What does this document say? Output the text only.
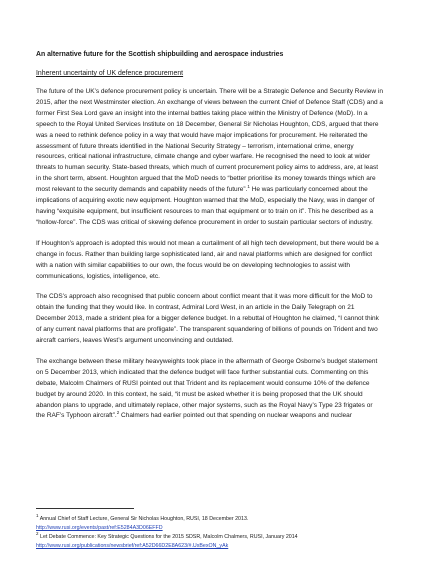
An alternative future for the Scottish shipbuilding and aerospace industries
Inherent uncertainty of UK defence procurement

The future of the UK’s defence procurement policy is uncertain. There will be a Strategic Defence and Security Review in 2015, after the next Westminster election. An exchange of views between the current Chief of Defence Staff (CDS) and a former First Sea Lord gave an insight into the internal battles taking place within the Ministry of Defence (MoD). In a speech to the Royal United Services Institute on 18 December, General Sir Nicholas Houghton, CDS, argued that there was a need to rethink defence policy in a way that would have major implications for procurement. He reiterated the assessment of future threats identified in the National Security Strategy – terrorism, international crime, energy resources, critical national infrastructure, climate change and cyber warfare. He recognised the need to look at wider threats to human security. State-based threats, which much of current procurement policy aims to address, are, at least in the short term, absent. Houghton argued that the MoD needs to “better prioritise its money towards things which are most relevant to the security demands and capability needs of the future”.$^1$ He was particularly concerned about the implications of acquiring exotic new equipment. Houghton warned that the MoD, especially the Navy, was in danger of having “exquisite equipment, but insufficient resources to man that equipment or to train on it”. This he described as a “hollow-force”. The CDS was critical of skewing defence procurement in order to sustain particular sectors of industry.

If Houghton’s approach is adopted this would not mean a curtailment of all high tech development, but there would be a change in focus. Rather than building large sophisticated land, air and naval platforms which are designed for conflict with a nation with similar capabilities to our own, the focus would be on developing technologies to assist with communications, logistics, intelligence, etc.

The CDS’s approach also recognised that public concern about conflict meant that it was more difficult for the MoD to obtain the funding that they would like. In contrast, Admiral Lord West, in an article in the Daily Telegraph on 21 December 2013, made a strident plea for a bigger defence budget. In a rebuttal of Houghton he claimed, “I cannot think of any current naval platforms that are profligate”. The transparent squandering of billions of pounds on Trident and two aircraft carriers, leaves West’s argument unconvincing and outdated.

The exchange between these military heavyweights took place in the aftermath of George Osborne’s budget statement on 5 December 2013, which indicated that the defence budget will face further substantial cuts. Commenting on this debate, Malcolm Chalmers of RUSI pointed out that Trident and its replacement would consume 10% of the defence budget by around 2020. In this context, he said, “it must be asked whether it is being proposed that the UK should abandon plans to upgrade, and ultimately replace, other major systems, such as the Royal Navy’s Type 23 frigates or the RAF’s Typhoon aircraft”.$^2$ Chalmers had earlier pointed out that spending on nuclear weapons and nuclear

$^1$ Annual Chief of Staff Lecture, General Sir Nicholas Houghton, RUSI, 18 December 2013.
http://www.rusi.org/events/past/ref:E5284A3D06EFFD
$^2$ Let Debate Commence: Key Strategic Questions for the 2015 SDSR, Malcolm Chalmers, RUSI, January 2014
http://www.rusi.org/publications/newsbrief/ref:A52D66D2E8A623/#.UxBexON_yAk
